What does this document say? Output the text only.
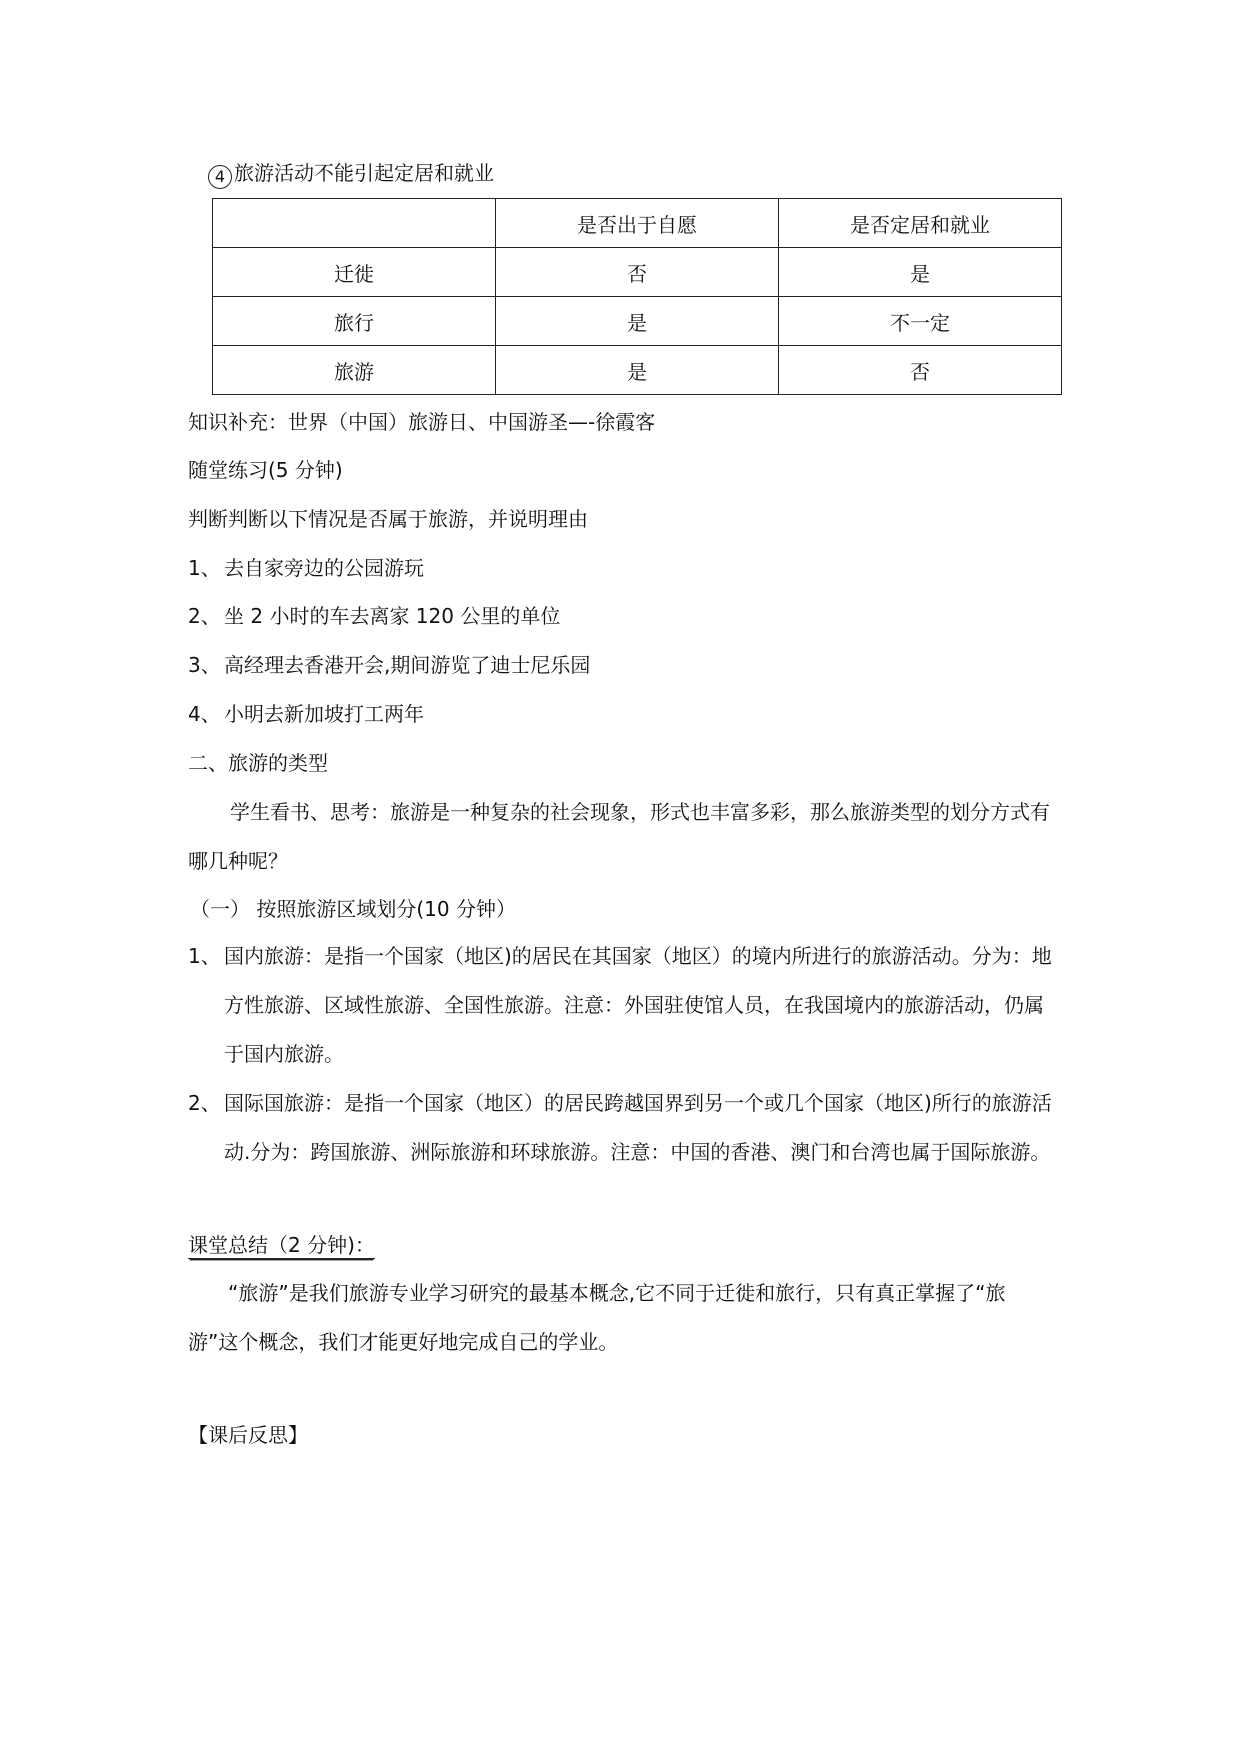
4 旅游活动不能引起定居和就业
	是否出于自愿	是否定居和就业
迁徙	否	是
旅行	是	不一定
旅游	是	否
知识补充：世界（中国）旅游日、中国游圣—-徐霞客
随堂练习(5 分钟)
判断判断以下情况是否属于旅游，并说明理由
1、 去自家旁边的公园游玩
2、 坐 2 小时的车去离家 120 公里的单位
3、 高经理去香港开会,期间游览了迪士尼乐园
4、 小明去新加坡打工两年
二、旅游的类型
学生看书、思考：旅游是一种复杂的社会现象，形式也丰富多彩，那么旅游类型的划分方式有哪几种呢？
（一） 按照旅游区域划分(10 分钟）
1、 国内旅游：是指一个国家（地区)的居民在其国家（地区）的境内所进行的旅游活动。分为：地方性旅游、区域性旅游、全国性旅游。注意：外国驻使馆人员，在我国境内的旅游活动，仍属于国内旅游。
2、 国际国旅游：是指一个国家（地区）的居民跨越国界到另一个或几个国家（地区)所行的旅游活动.分为：跨国旅游、洲际旅游和环球旅游。注意：中国的香港、澳门和台湾也属于国际旅游。
课堂总结（2 分钟)：
“旅游”是我们旅游专业学习研究的最基本概念,它不同于迁徙和旅行，只有真正掌握了“旅游”这个概念，我们才能更好地完成自己的学业。
【课后反思】
